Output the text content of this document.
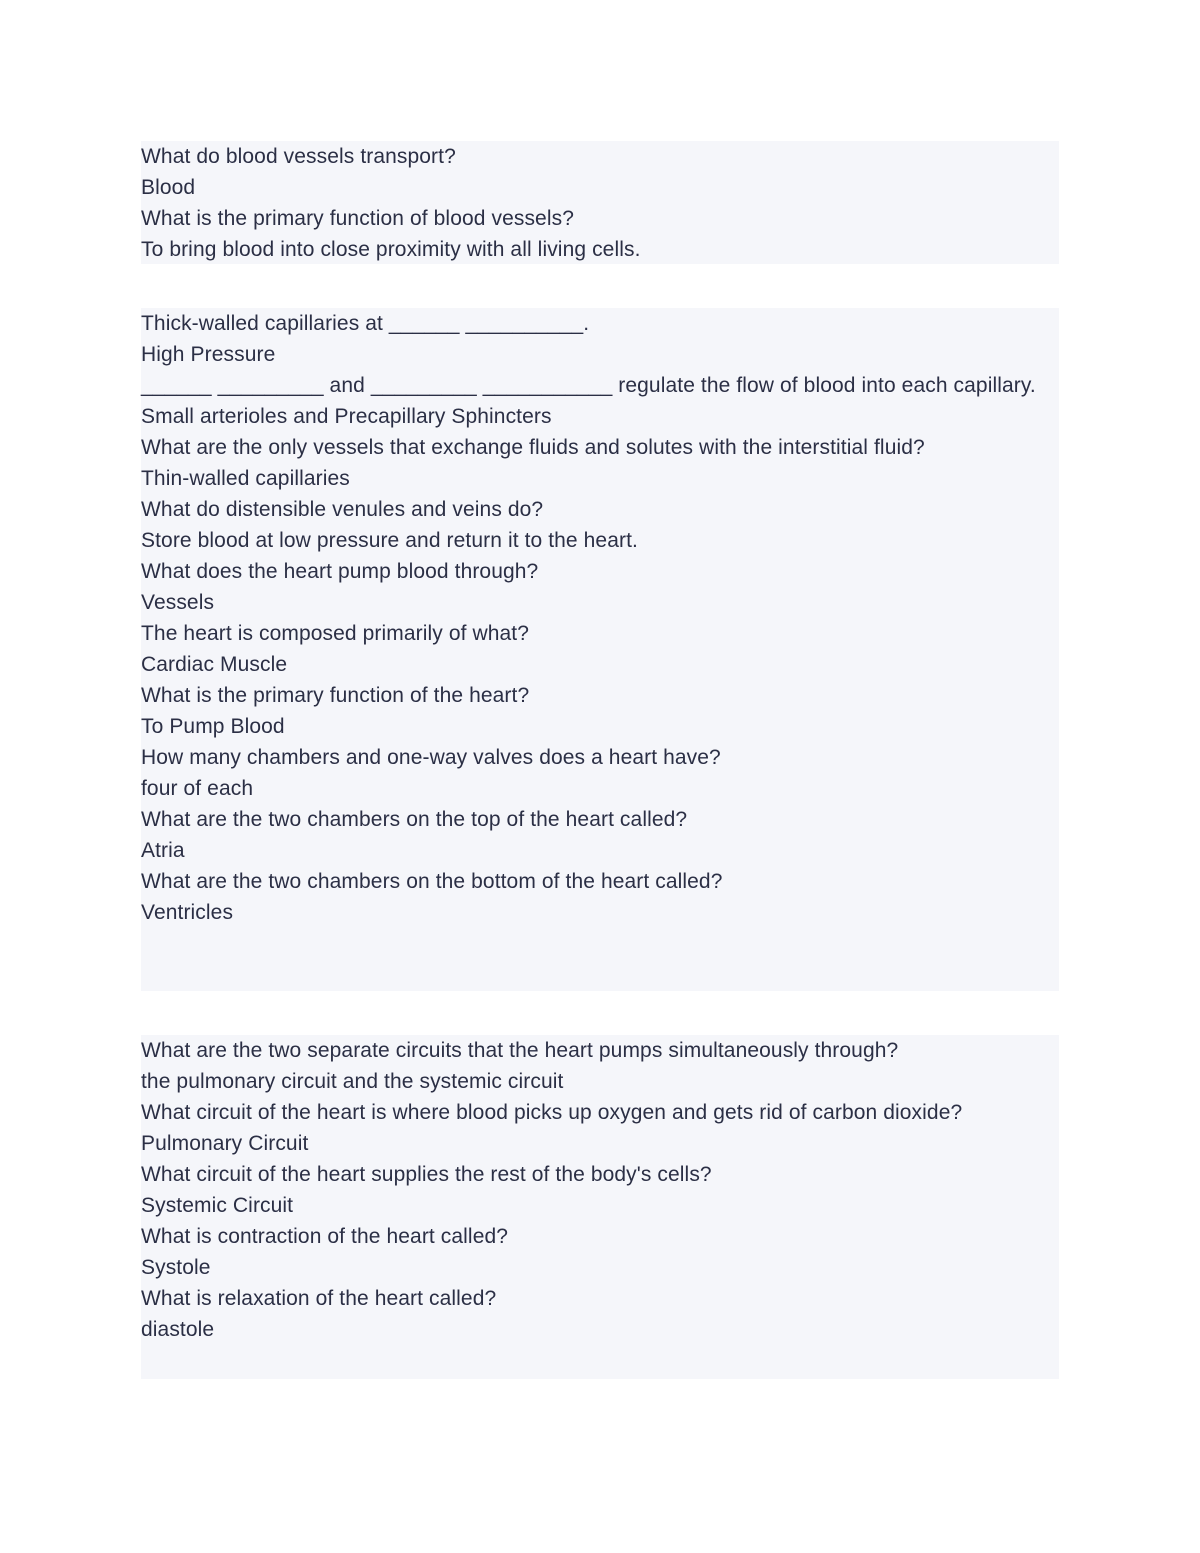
What do blood vessels transport?

Blood

What is the primary function of blood vessels?

To bring blood into close proximity with all living cells.

Thick-walled capillaries at ______ __________.

High Pressure

______ _________ and _________ ___________ regulate the flow of blood into each capillary.

Small arterioles and Precapillary Sphincters

What are the only vessels that exchange fluids and solutes with the interstitial fluid?

Thin-walled capillaries

What do distensible venules and veins do?

Store blood at low pressure and return it to the heart.

What does the heart pump blood through?

Vessels

The heart is composed primarily of what?

Cardiac Muscle

What is the primary function of the heart?

To Pump Blood

How many chambers and one-way valves does a heart have?

four of each

What are the two chambers on the top of the heart called?

Atria

What are the two chambers on the bottom of the heart called?

Ventricles

What are the two separate circuits that the heart pumps simultaneously through?

the pulmonary circuit and the systemic circuit

What circuit of the heart is where blood picks up oxygen and gets rid of carbon dioxide?

Pulmonary Circuit

What circuit of the heart supplies the rest of the body's cells?

Systemic Circuit

What is contraction of the heart called?

Systole

What is relaxation of the heart called?

diastole
